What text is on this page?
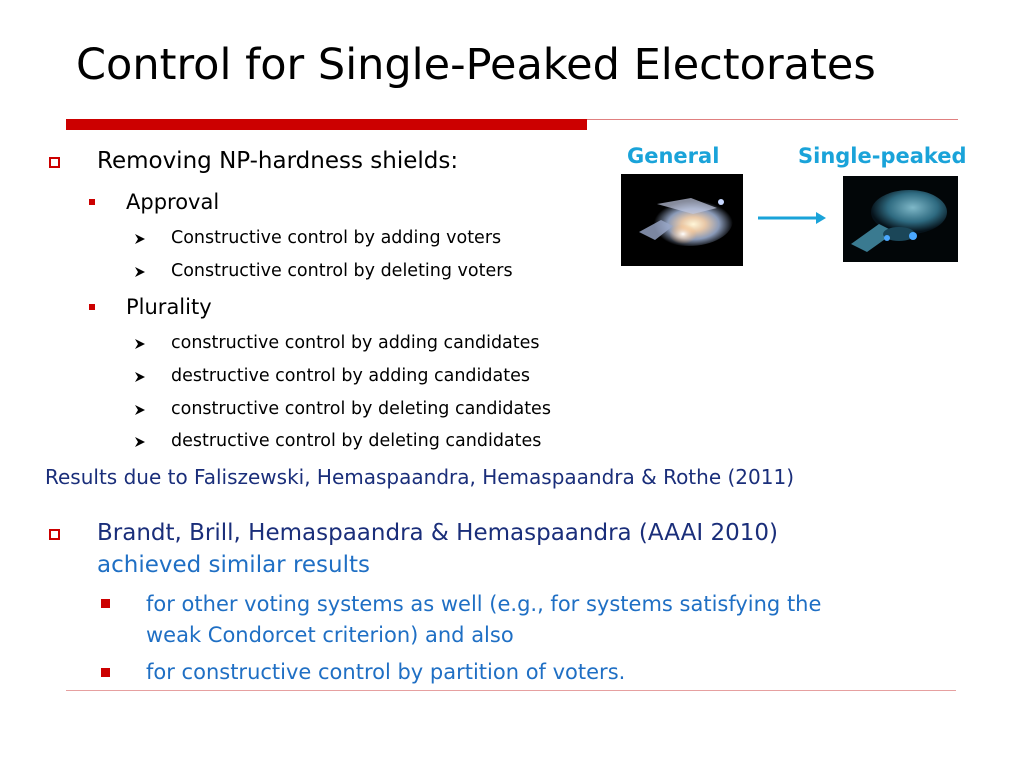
Control for Single-Peaked Electorates
General	Single-peaked
Removing NP-hardness shields:
Approval
Constructive control by adding voters
Constructive control by deleting voters
Plurality
constructive control by adding candidates
destructive control by adding candidates
constructive control by deleting candidates
destructive control by deleting candidates
Results due to Faliszewski, Hemaspaandra, Hemaspaandra & Rothe (2011)
Brandt, Brill, Hemaspaandra & Hemaspaandra (AAAI 2010)
achieved similar results
for other voting systems as well (e.g., for systems satisfying the
weak Condorcet criterion) and also
for constructive control by partition of voters.
